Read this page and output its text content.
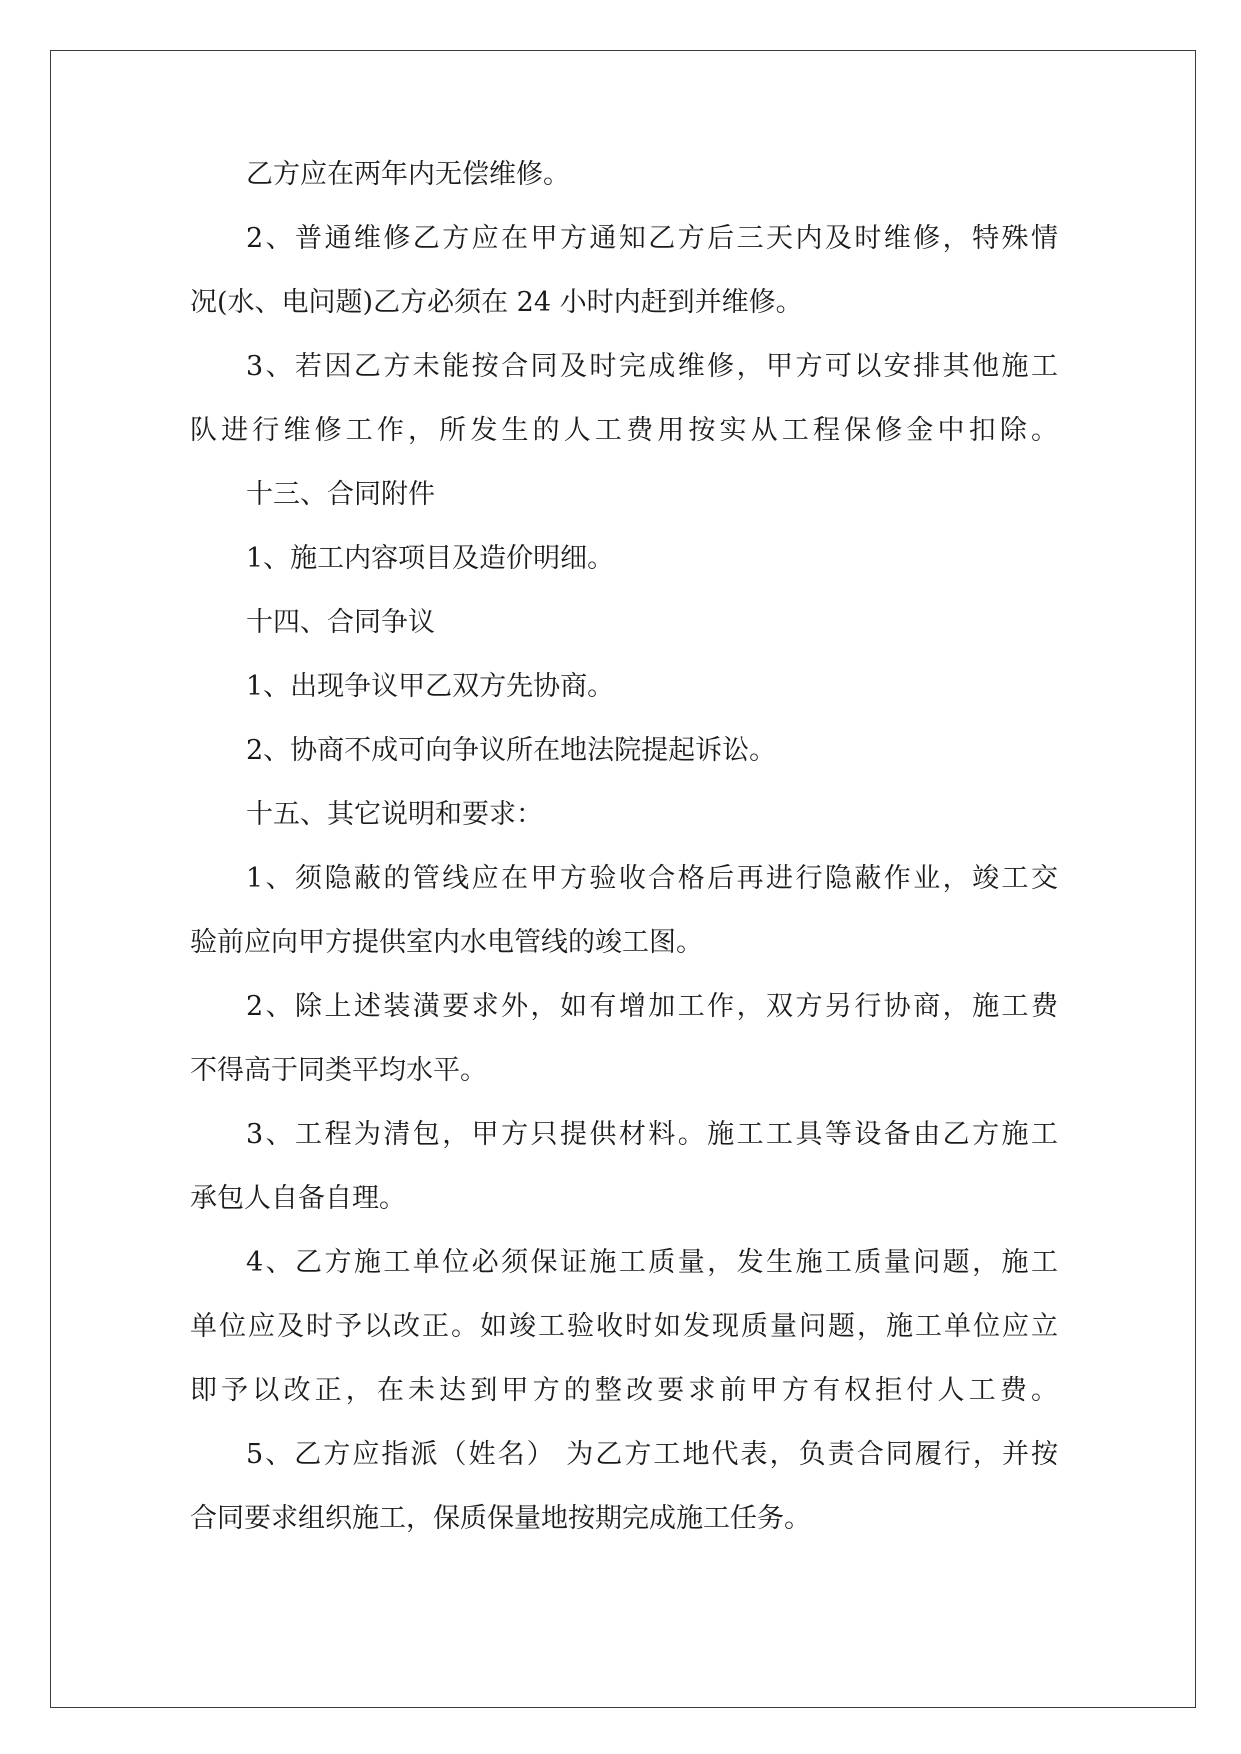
乙方应在两年内无偿维修。
2、普通维修乙方应在甲方通知乙方后三天内及时维修，特殊情
况(水、电问题)乙方必须在 24 小时内赶到并维修。
3、若因乙方未能按合同及时完成维修，甲方可以安排其他施工
队进行维修工作，所发生的人工费用按实从工程保修金中扣除。
十三、合同附件
1、施工内容项目及造价明细。
十四、合同争议
1、出现争议甲乙双方先协商。
2、协商不成可向争议所在地法院提起诉讼。
十五、其它说明和要求：
1、须隐蔽的管线应在甲方验收合格后再进行隐蔽作业，竣工交
验前应向甲方提供室内水电管线的竣工图。
2、除上述装潢要求外，如有增加工作，双方另行协商，施工费
不得高于同类平均水平。
3、工程为清包，甲方只提供材料。施工工具等设备由乙方施工
承包人自备自理。
4、乙方施工单位必须保证施工质量，发生施工质量问题，施工
单位应及时予以改正。如竣工验收时如发现质量问题，施工单位应立
即予以改正，在未达到甲方的整改要求前甲方有权拒付人工费。
5、乙方应指派（姓名） 为乙方工地代表，负责合同履行，并按
合同要求组织施工，保质保量地按期完成施工任务。
